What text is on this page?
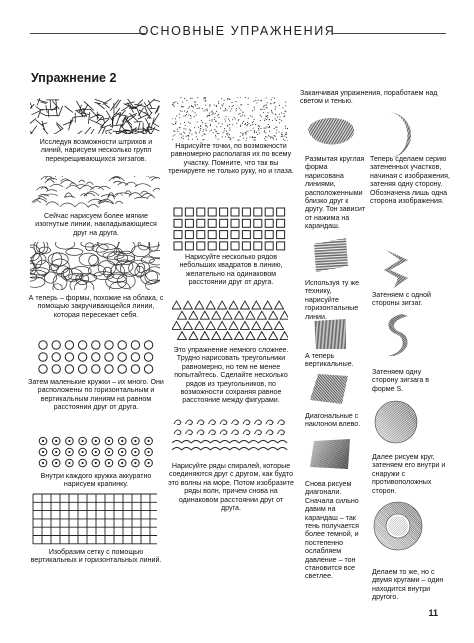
ОСНОВНЫЕ УПРАЖНЕНИЯ
Упражнение 2
Исследуя возможности штрихов и линий, нарисуем несколько групп перекрещивающихся зигзагов.
Сейчас нарисуем более мягкие изогнутые линии, накладывающиеся друг на друга.
А теперь – формы, похожие на облака, с помощью закручивающейся линии, которая пересекает себя.
Затем маленькие кружки – их много. Они расположены по горизонтальным и вертикальным линиям на равном расстоянии друг от друга.
Внутри каждого кружка аккуратно нарисуем крапинку.
Изобразим сетку с помощью вертикальных и горизонтальных линий.
Нарисуйте точки, по возможности равномерно располагая их по всему участку. Помните, что так вы тренируете не только руку, но и глаза.
Нарисуйте несколько рядов небольших квадратов в линию, желательно на одинаковом расстоянии друг от друга.
Это упражнение немного сложнее. Трудно нарисовать треугольники равномерно, но тем не менее попытайтесь. Сделайте несколько рядов из треугольников, по возможности сохраняя равное расстояние между фигурами.
Нарисуйте ряды спиралей, которые соединяются друг с другом, как будто это волны на море. Потом изобразите ряды волн, причем снова на одинаковом расстоянии друг от друга.
Заканчивая упражнения, поработаем над светом и тенью.
Размытая круглая форма нарисована линиями, расположенными близко друг к другу. Тон зависит от нажима на карандаш.
Теперь сделаем серию затененных участков, начиная с изображения, затеняя одну сторону. Обозначена лишь одна сторона изображения.
Используя ту же технику, нарисуйте горизонтальные линии.
Затеняем с одной стороны зигзаг.
А теперь вертикальные.
Затеняем одну сторону зигзага в форме S.
Диагональные с наклоном влево.
Далее рисуем круг, затеняем его внутри и снаружи с противоположных сторон.
Снова рисуем диагонали. Сначала сильно давим на карандаш – так тень получается более темной, и постепенно ослабляем давление – тон становится все светлее.
Делаем то же, но с двумя кругами – один находится внутри другого.
11
